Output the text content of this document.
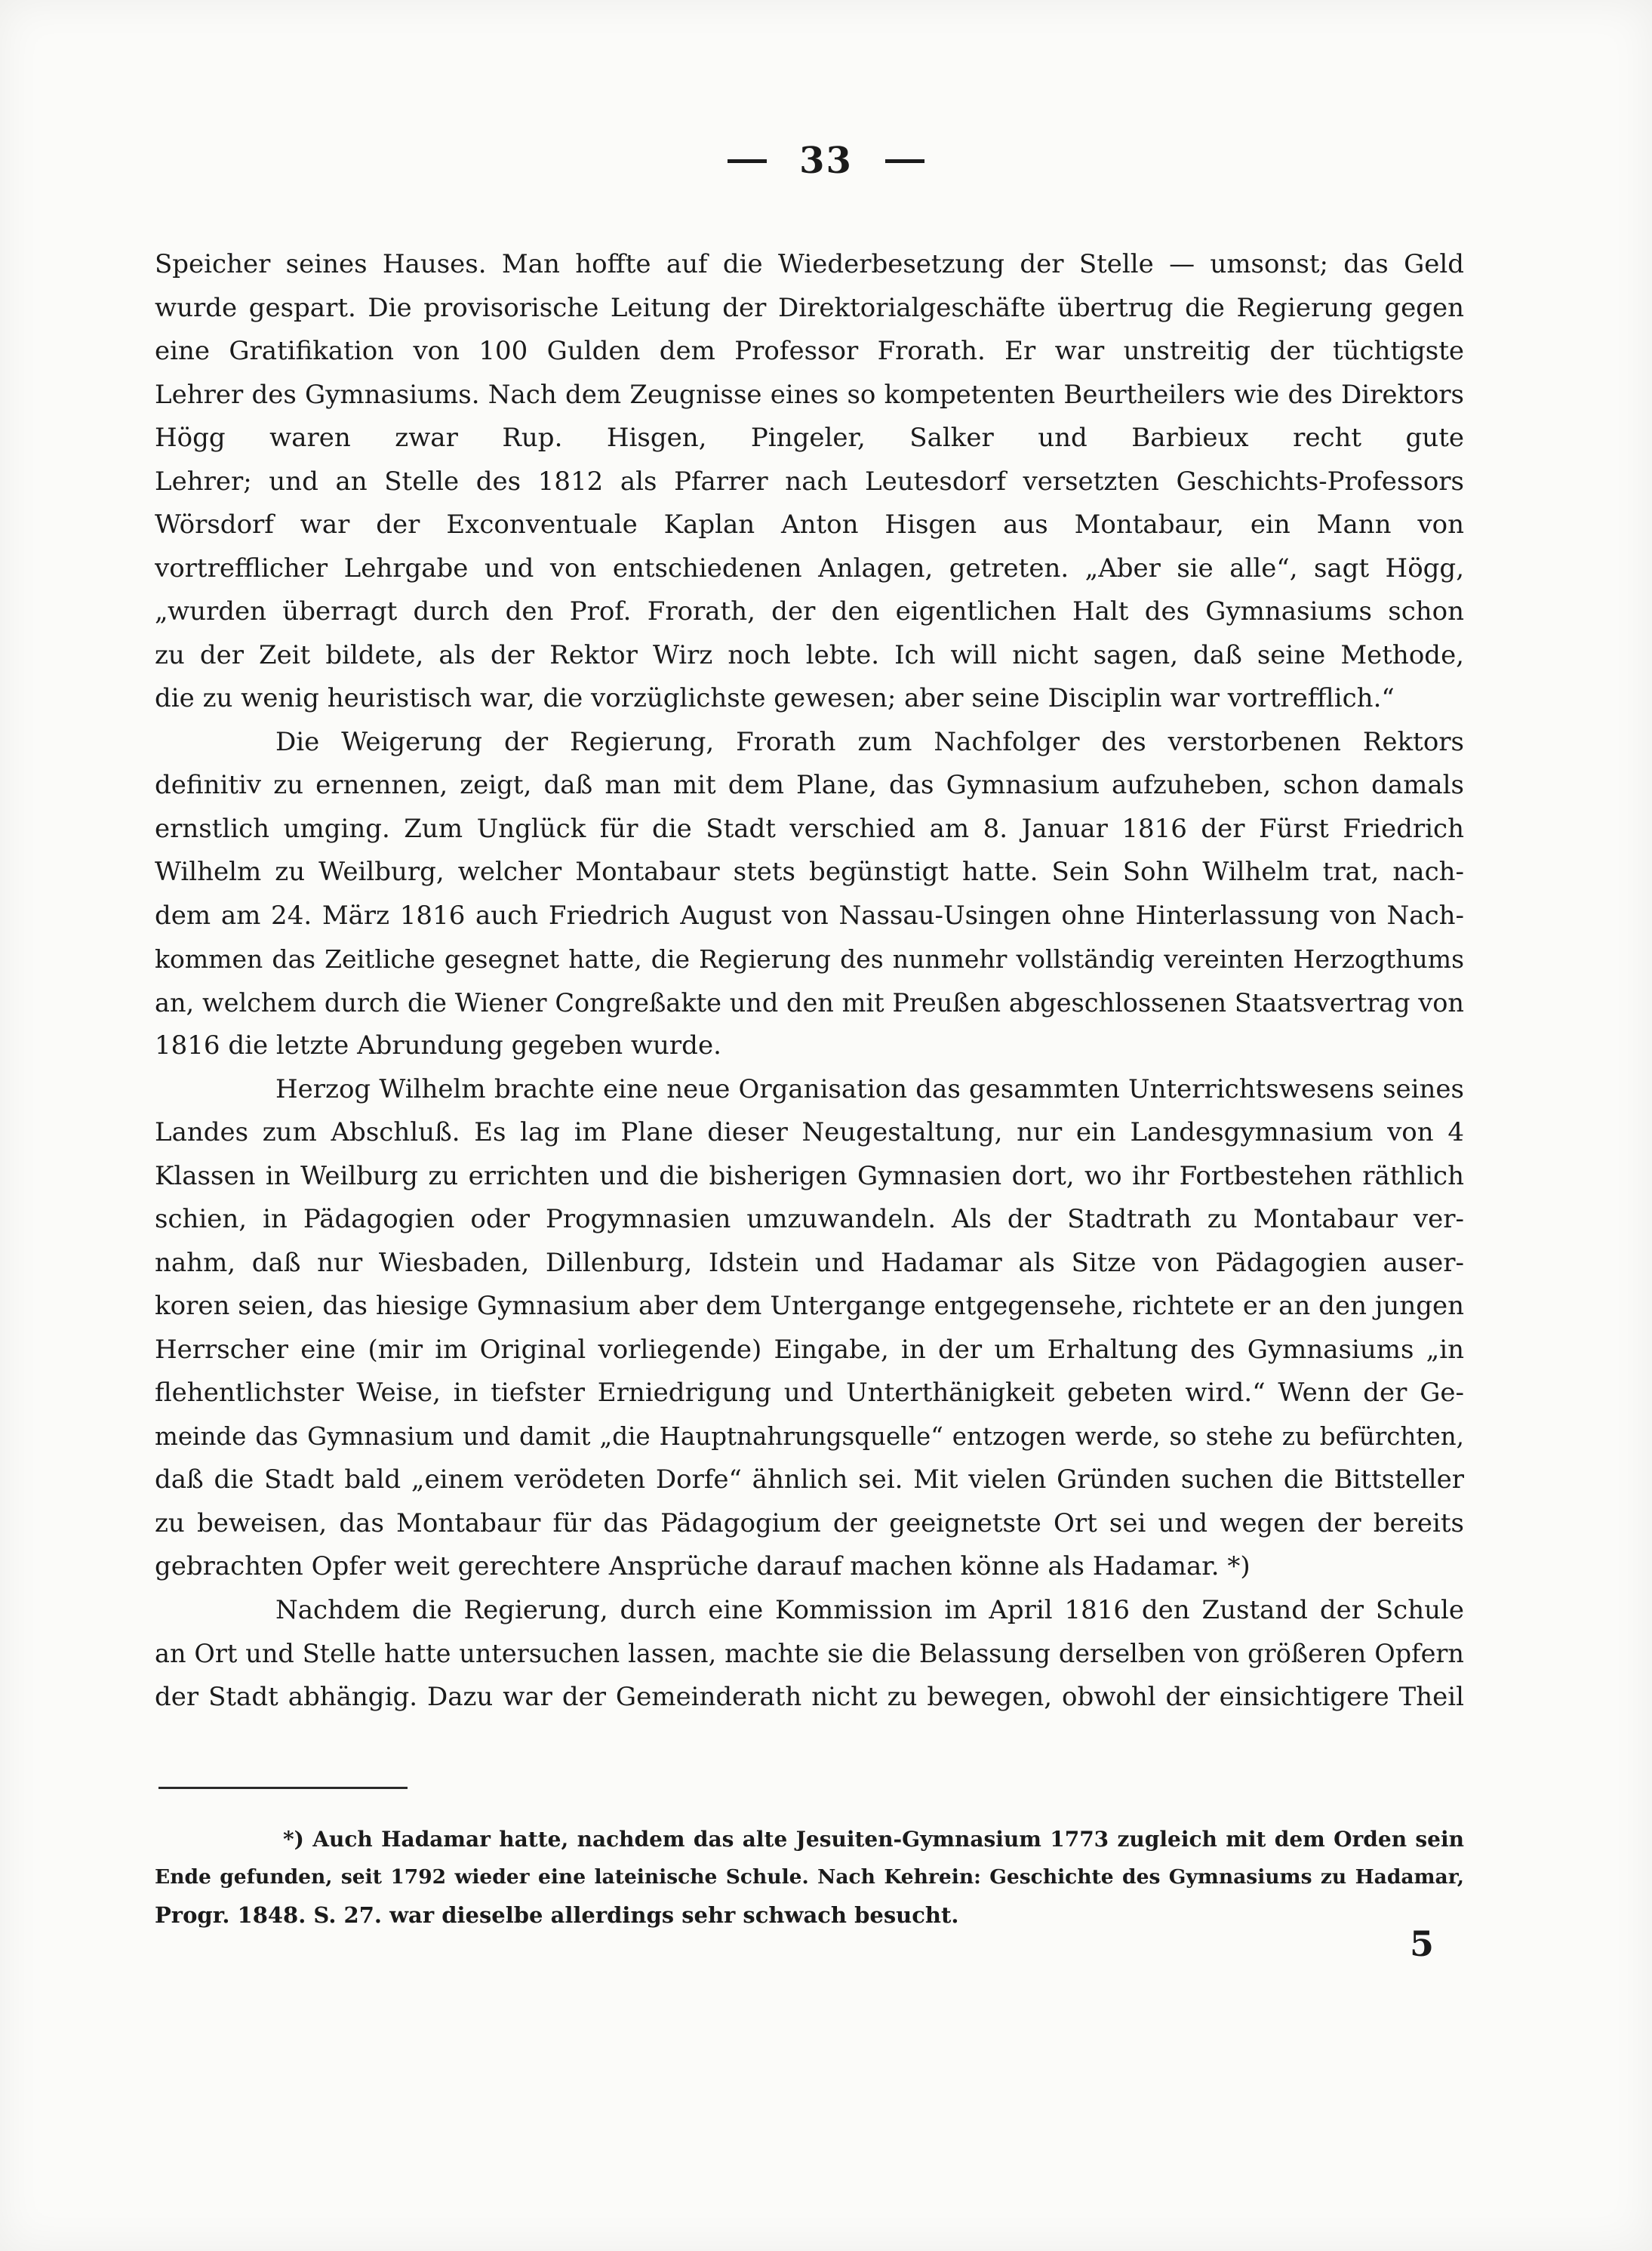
33
Speicher seines Hauses. Man hoffte auf die Wiederbesetzung der Stelle — umsonst; das Geld
wurde gespart. Die provisorische Leitung der Direktorialgeschäfte übertrug die Regierung gegen
eine Gratifikation von 100 Gulden dem Professor Frorath. Er war unstreitig der tüchtigste
Lehrer des Gymnasiums. Nach dem Zeugnisse eines so kompetenten Beurtheilers wie des Direktors
Högg waren zwar Rup. Hisgen, Pingeler, Salker und Barbieux recht gute
Lehrer; und an Stelle des 1812 als Pfarrer nach Leutesdorf versetzten Geschichts-Professors
Wörsdorf war der Exconventuale Kaplan Anton Hisgen aus Montabaur, ein Mann von
vortrefflicher Lehrgabe und von entschiedenen Anlagen, getreten. „Aber sie alle“, sagt Högg,
„wurden überragt durch den Prof. Frorath, der den eigentlichen Halt des Gymnasiums schon
zu der Zeit bildete, als der Rektor Wirz noch lebte. Ich will nicht sagen, daß seine Methode,
die zu wenig heuristisch war, die vorzüglichste gewesen; aber seine Disciplin war vortrefflich.“
Die Weigerung der Regierung, Frorath zum Nachfolger des verstorbenen Rektors
definitiv zu ernennen, zeigt, daß man mit dem Plane, das Gymnasium aufzuheben, schon damals
ernstlich umging. Zum Unglück für die Stadt verschied am 8. Januar 1816 der Fürst Friedrich
Wilhelm zu Weilburg, welcher Montabaur stets begünstigt hatte. Sein Sohn Wilhelm trat, nach-
dem am 24. März 1816 auch Friedrich August von Nassau-Usingen ohne Hinterlassung von Nach-
kommen das Zeitliche gesegnet hatte, die Regierung des nunmehr vollständig vereinten Herzogthums
an, welchem durch die Wiener Congreßakte und den mit Preußen abgeschlossenen Staatsvertrag von
1816 die letzte Abrundung gegeben wurde.
Herzog Wilhelm brachte eine neue Organisation das gesammten Unterrichtswesens seines
Landes zum Abschluß. Es lag im Plane dieser Neugestaltung, nur ein Landesgymnasium von 4
Klassen in Weilburg zu errichten und die bisherigen Gymnasien dort, wo ihr Fortbestehen räthlich
schien, in Pädagogien oder Progymnasien umzuwandeln. Als der Stadtrath zu Montabaur ver-
nahm, daß nur Wiesbaden, Dillenburg, Idstein und Hadamar als Sitze von Pädagogien auser-
koren seien, das hiesige Gymnasium aber dem Untergange entgegensehe, richtete er an den jungen
Herrscher eine (mir im Original vorliegende) Eingabe, in der um Erhaltung des Gymnasiums „in
flehentlichster Weise, in tiefster Erniedrigung und Unterthänigkeit gebeten wird.“ Wenn der Ge-
meinde das Gymnasium und damit „die Hauptnahrungsquelle“ entzogen werde, so stehe zu befürchten,
daß die Stadt bald „einem verödeten Dorfe“ ähnlich sei. Mit vielen Gründen suchen die Bittsteller
zu beweisen, das Montabaur für das Pädagogium der geeignetste Ort sei und wegen der bereits
gebrachten Opfer weit gerechtere Ansprüche darauf machen könne als Hadamar. *)
Nachdem die Regierung, durch eine Kommission im April 1816 den Zustand der Schule
an Ort und Stelle hatte untersuchen lassen, machte sie die Belassung derselben von größeren Opfern
der Stadt abhängig. Dazu war der Gemeinderath nicht zu bewegen, obwohl der einsichtigere Theil
*) Auch Hadamar hatte, nachdem das alte Jesuiten-Gymnasium 1773 zugleich mit dem Orden sein
Ende gefunden, seit 1792 wieder eine lateinische Schule. Nach Kehrein: Geschichte des Gymnasiums zu Hadamar,
Progr. 1848. S. 27. war dieselbe allerdings sehr schwach besucht.
5
